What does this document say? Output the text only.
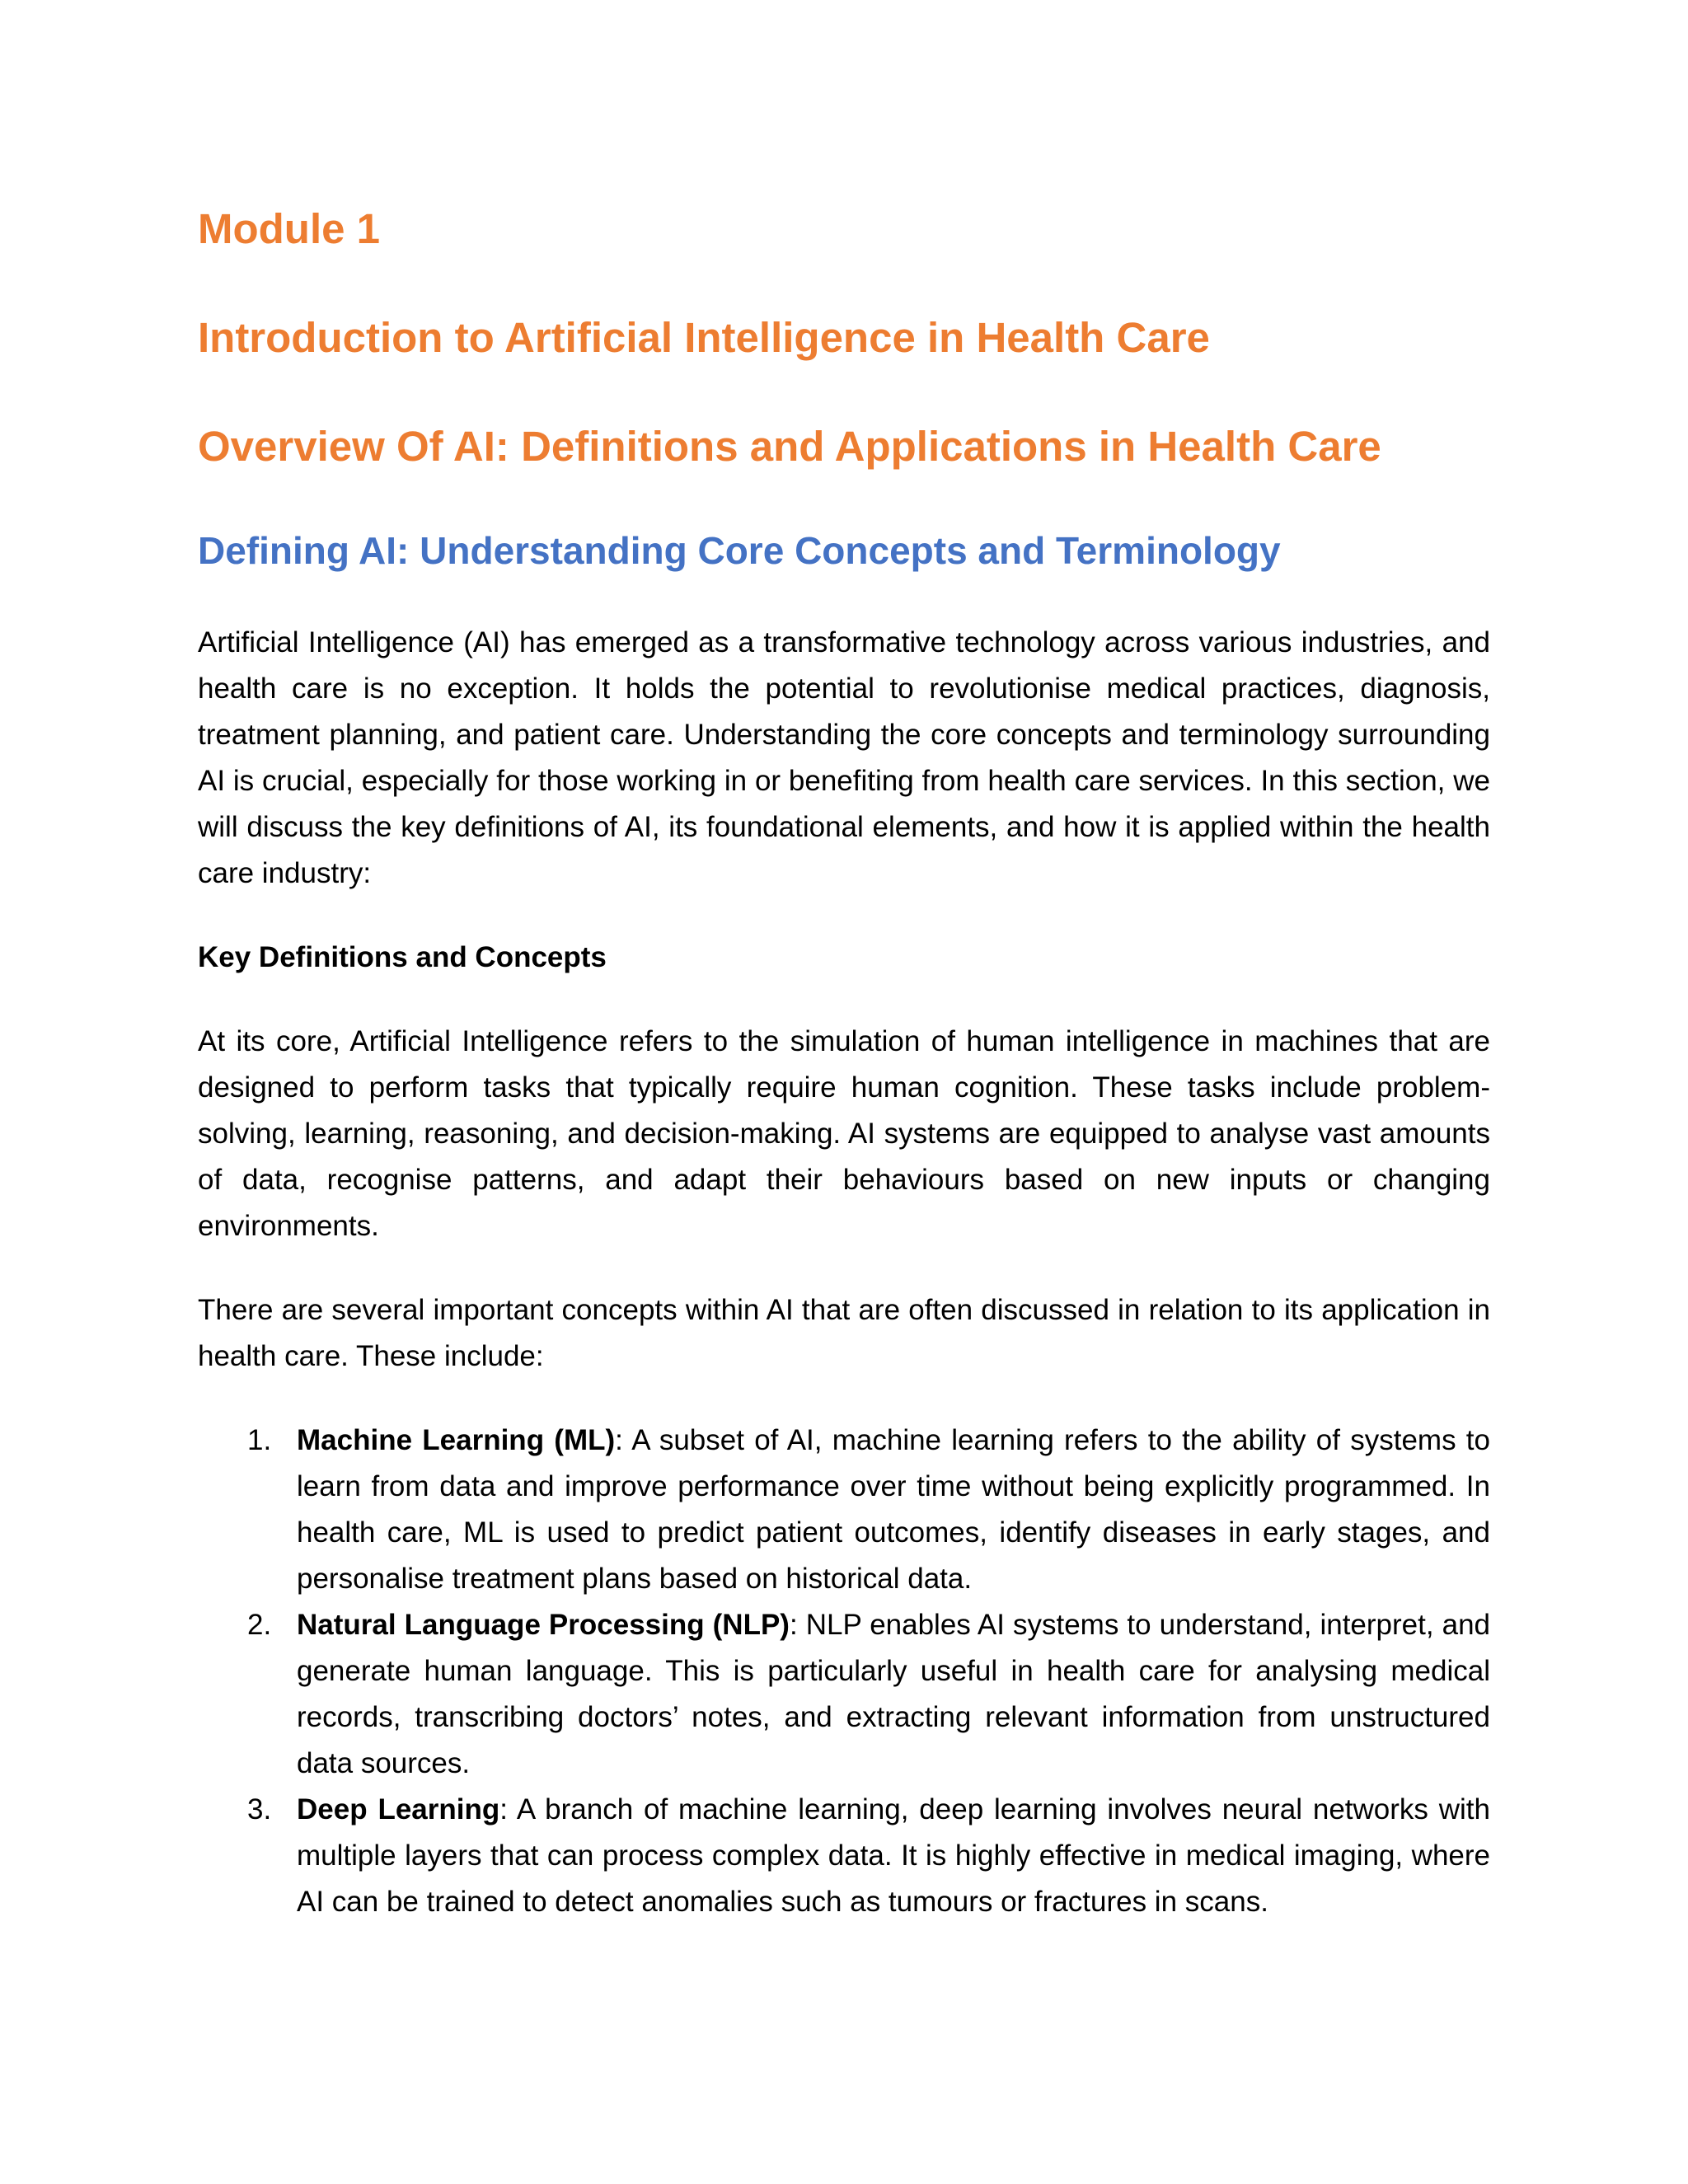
Module 1
Introduction to Artificial Intelligence in Health Care
Overview Of AI: Definitions and Applications in Health Care
Defining AI: Understanding Core Concepts and Terminology

Artificial Intelligence (AI) has emerged as a transformative technology across various industries, and health care is no exception. It holds the potential to revolutionise medical practices, diagnosis, treatment planning, and patient care. Understanding the core concepts and terminology surrounding AI is crucial, especially for those working in or benefiting from health care services. In this section, we will discuss the key definitions of AI, its foundational elements, and how it is applied within the health care industry:

Key Definitions and Concepts

At its core, Artificial Intelligence refers to the simulation of human intelligence in machines that are designed to perform tasks that typically require human cognition. These tasks include problem-solving, learning, reasoning, and decision-making. AI systems are equipped to analyse vast amounts of data, recognise patterns, and adapt their behaviours based on new inputs or changing environments.

There are several important concepts within AI that are often discussed in relation to its application in health care. These include:

1. Machine Learning (ML): A subset of AI, machine learning refers to the ability of systems to learn from data and improve performance over time without being explicitly programmed. In health care, ML is used to predict patient outcomes, identify diseases in early stages, and personalise treatment plans based on historical data.
2. Natural Language Processing (NLP): NLP enables AI systems to understand, interpret, and generate human language. This is particularly useful in health care for analysing medical records, transcribing doctors’ notes, and extracting relevant information from unstructured data sources.
3. Deep Learning: A branch of machine learning, deep learning involves neural networks with multiple layers that can process complex data. It is highly effective in medical imaging, where AI can be trained to detect anomalies such as tumours or fractures in scans.
